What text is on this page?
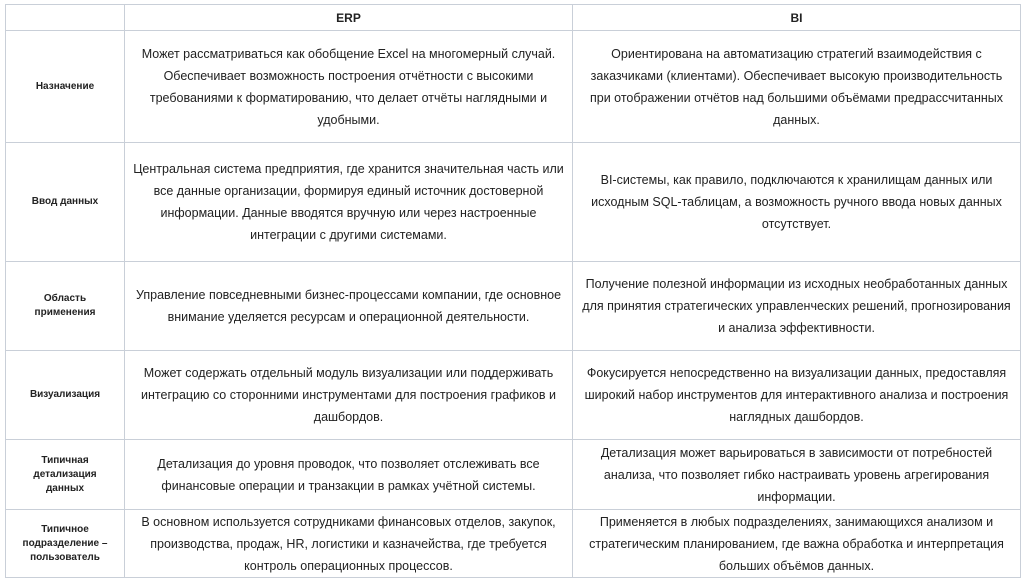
	ERP	BI
Назначение	Может рассматриваться как обобщение Excel на многомерный случай. Обеспечивает возможность построения отчётности с высокими требованиями к форматированию, что делает отчёты наглядными и удобными.	Ориентирована на автоматизацию стратегий взаимодействия с заказчиками (клиентами). Обеспечивает высокую производительность при отображении отчётов над большими объёмами предрассчитанных данных.
Ввод данных	Центральная система предприятия, где хранится значительная часть или все данные организации, формируя единый источник достоверной информации. Данные вводятся вручную или через настроенные интеграции с другими системами.	BI-системы, как правило, подключаются к хранилищам данных или исходным SQL-таблицам, а возможность ручного ввода новых данных отсутствует.
Область применения	Управление повседневными бизнес-процессами компании, где основное внимание уделяется ресурсам и операционной деятельности.	Получение полезной информации из исходных необработанных данных для принятия стратегических управленческих решений, прогнозирования и анализа эффективности.
Визуализация	Может содержать отдельный модуль визуализации или поддерживать интеграцию со сторонними инструментами для построения графиков и дашбордов.	Фокусируется непосредственно на визуализации данных, предоставляя широкий набор инструментов для интерактивного анализа и построения наглядных дашбордов.
Типичная детализация данных	Детализация до уровня проводок, что позволяет отслеживать все финансовые операции и транзакции в рамках учётной системы.	Детализация может варьироваться в зависимости от потребностей анализа, что позволяет гибко настраивать уровень агрегирования информации.
Типичное подразделение – пользователь	В основном используется сотрудниками финансовых отделов, закупок, производства, продаж, HR, логистики и казначейства, где требуется контроль операционных процессов.	Применяется в любых подразделениях, занимающихся анализом и стратегическим планированием, где важна обработка и интерпретация больших объёмов данных.
